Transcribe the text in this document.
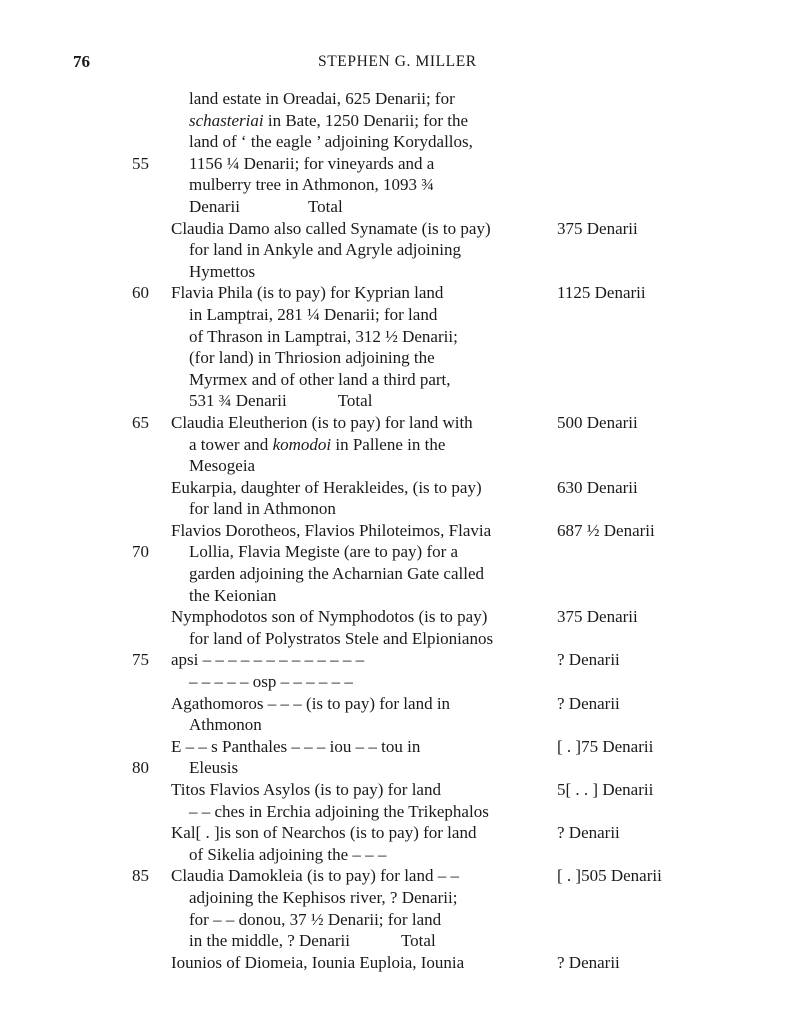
76	STEPHEN G. MILLER
land estate in Oreadai, 625 Denarii; for
schasteriai in Bate, 1250 Denarii; for the
land of ‘ the eagle ’ adjoining Korydallos,
55 1156 ¼ Denarii; for vineyards and a
mulberry tree in Athmonon, 1093 ¾
Denarii                Total
Claudia Damo also called Synamate (is to pay)	375 Denarii
for land in Ankyle and Agryle adjoining
Hymettos
60 Flavia Phila (is to pay) for Kyprian land	1125 Denarii
in Lamptrai, 281 ¼ Denarii; for land
of Thrason in Lamptrai, 312 ½ Denarii;
(for land) in Thriosion adjoining the
Myrmex and of other land a third part,
531 ¾ Denarii            Total
65 Claudia Eleutherion (is to pay) for land with	500 Denarii
a tower and komodoi in Pallene in the
Mesogeia
Eukarpia, daughter of Herakleides, (is to pay)	630 Denarii
for land in Athmonon
Flavios Dorotheos, Flavios Philoteimos, Flavia	687 ½ Denarii
70 Lollia, Flavia Megiste (are to pay) for a
garden adjoining the Acharnian Gate called
the Keionian
Nymphodotos son of Nymphodotos (is to pay)	375 Denarii
for land of Polystratos Stele and Elpionianos
75 apsi – – – – – – – – – – – – –	? Denarii
– – – – – osp – – – – – –
Agathomoros – – – (is to pay) for land in	? Denarii
Athmonon
E – – s Panthales – – – iou – – tou in	[ . ]75 Denarii
80 Eleusis
Titos Flavios Asylos (is to pay) for land	5[ . . ] Denarii
– – ches in Erchia adjoining the Trikephalos
Kal[ . ]is son of Nearchos (is to pay) for land	? Denarii
of Sikelia adjoining the – – –
85 Claudia Damokleia (is to pay) for land – –	[ . ]505 Denarii
adjoining the Kephisos river, ? Denarii;
for – – donou, 37 ½ Denarii; for land
in the middle, ? Denarii            Total
Iounios of Diomeia, Iounia Euploia, Iounia	? Denarii
